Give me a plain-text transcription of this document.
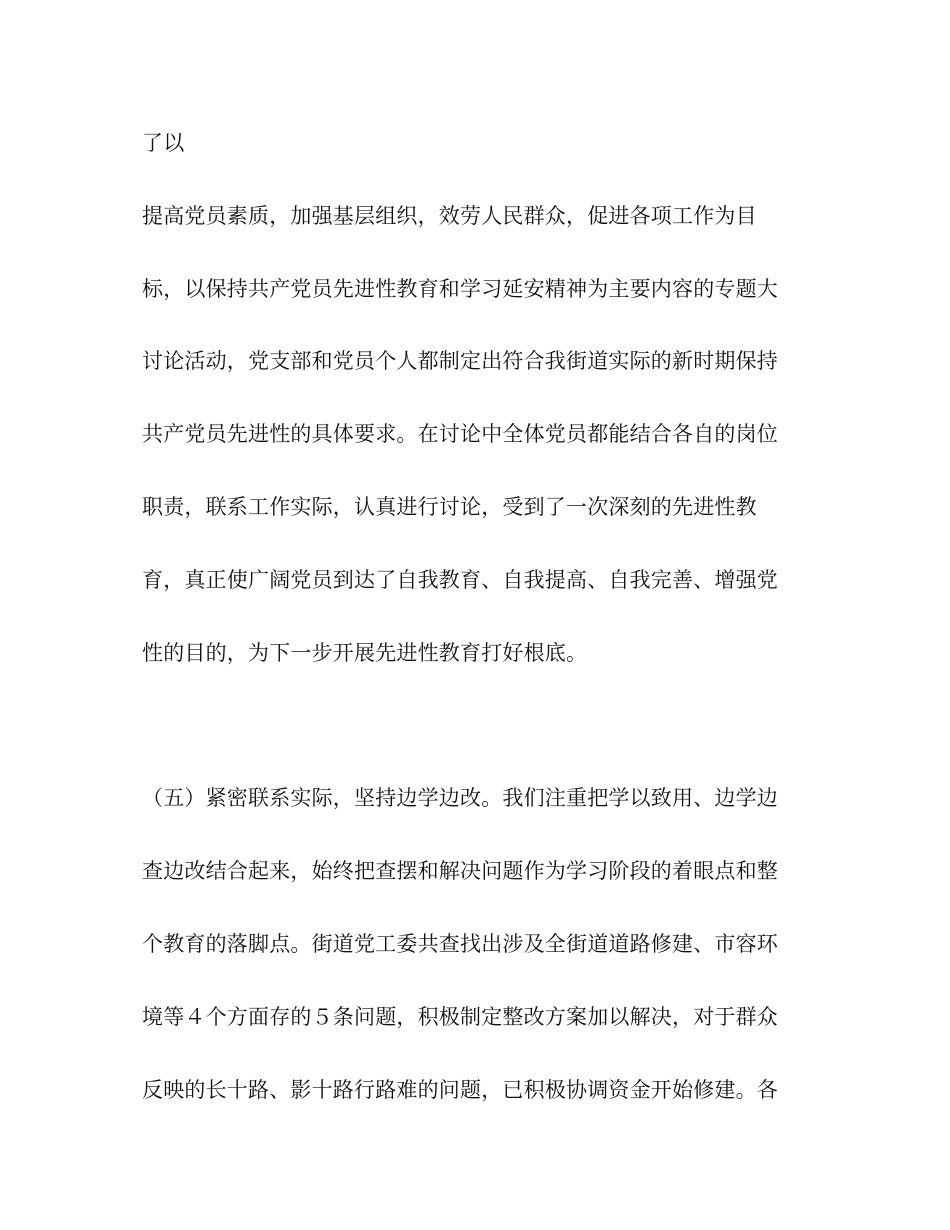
了以
提高党员素质，加强基层组织，效劳人民群众，促进各项工作为目
标，以保持共产党员先进性教育和学习延安精神为主要内容的专题大
讨论活动，党支部和党员个人都制定出符合我街道实际的新时期保持
共产党员先进性的具体要求。在讨论中全体党员都能结合各自的岗位
职责，联系工作实际，认真进行讨论，受到了一次深刻的先进性教
育，真正使广阔党员到达了自我教育、自我提高、自我完善、增强党
性的目的，为下一步开展先进性教育打好根底。
（五）紧密联系实际，坚持边学边改。我们注重把学以致用、边学边
查边改结合起来，始终把查摆和解决问题作为学习阶段的着眼点和整
个教育的落脚点。街道党工委共查找出涉及全街道道路修建、市容环
境等４个方面存的５条问题，积极制定整改方案加以解决，对于群众
反映的长十路、影十路行路难的问题，已积极协调资金开始修建。各
